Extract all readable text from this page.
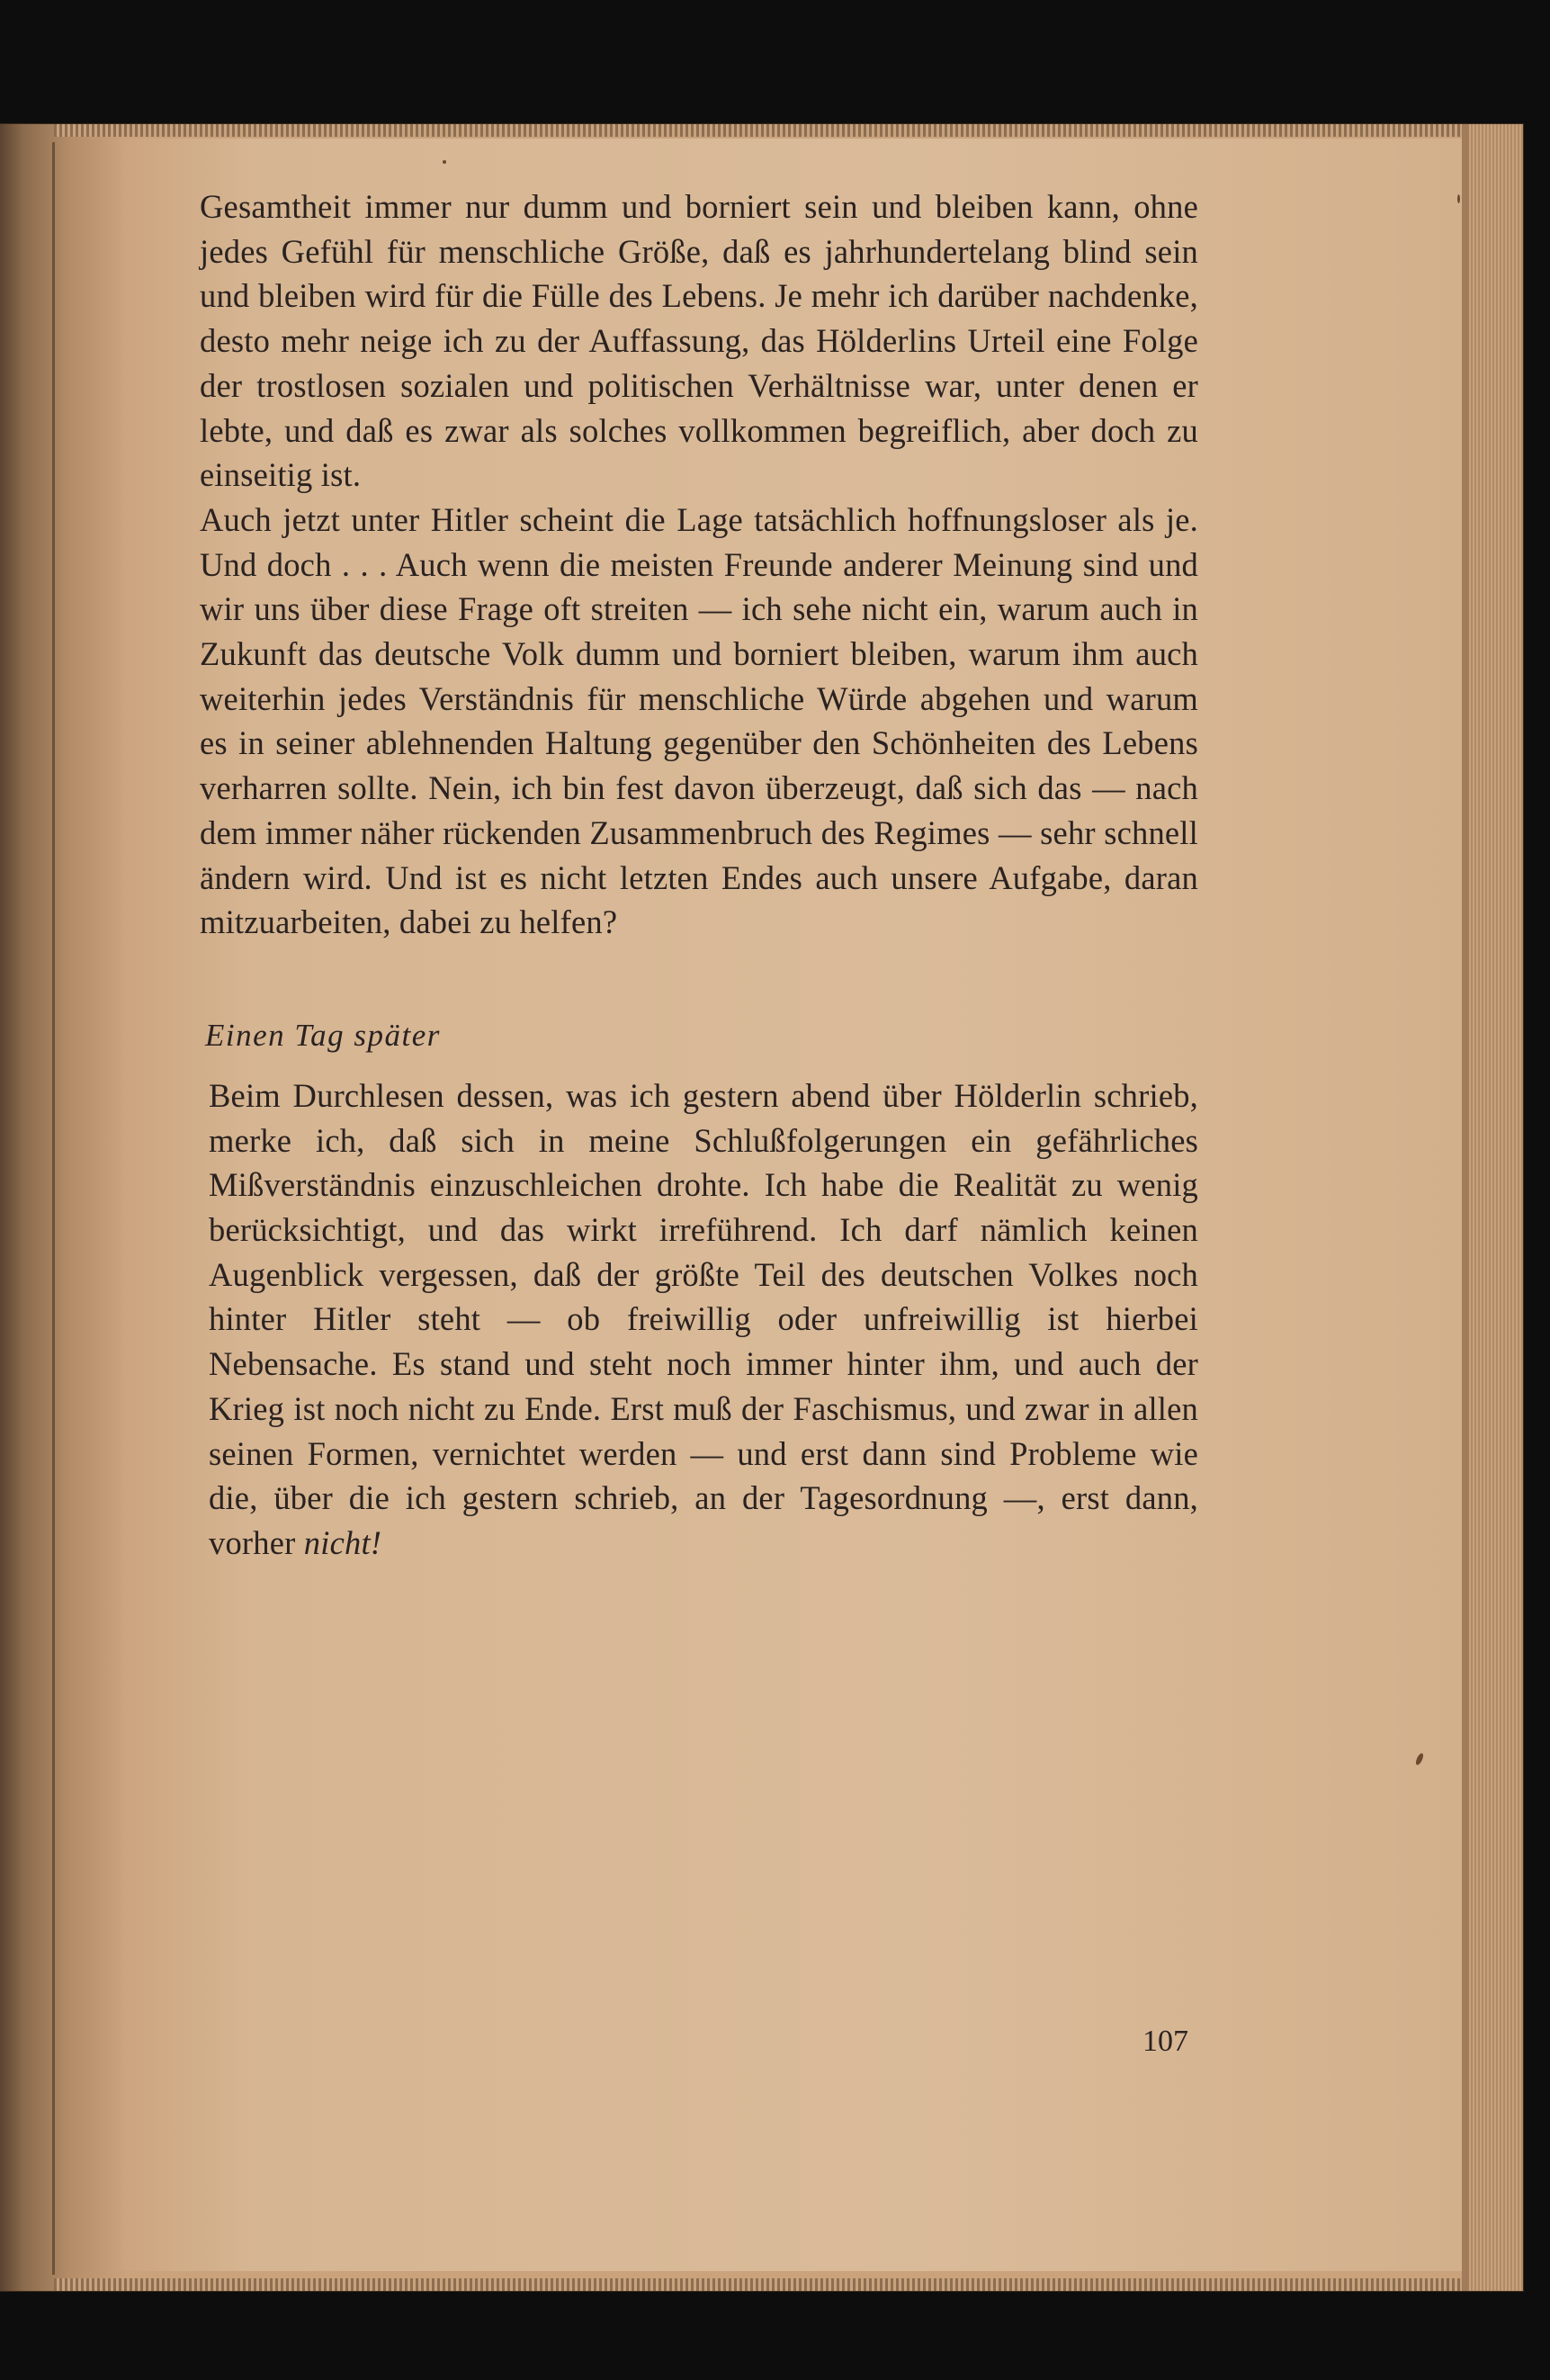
Gesamtheit immer nur dumm und borniert sein und bleiben kann, ohne jedes Gefühl für menschliche Größe, daß es jahrhundertelang blind sein und bleiben wird für die Fülle des Lebens. Je mehr ich darüber nachdenke, desto mehr neige ich zu der Auffassung, das Hölderlins Urteil eine Folge der trostlosen sozialen und politischen Verhältnisse war, unter denen er lebte, und daß es zwar als solches vollkommen begreiflich, aber doch zu einseitig ist.

Auch jetzt unter Hitler scheint die Lage tatsächlich hoffnungsloser als je. Und doch . . . Auch wenn die meisten Freunde anderer Meinung sind und wir uns über diese Frage oft streiten — ich sehe nicht ein, warum auch in Zukunft das deutsche Volk dumm und borniert bleiben, warum ihm auch weiterhin jedes Verständnis für menschliche Würde abgehen und warum es in seiner ablehnenden Haltung gegenüber den Schönheiten des Lebens verharren sollte. Nein, ich bin fest davon überzeugt, daß sich das — nach dem immer näher rückenden Zusammenbruch des Regimes — sehr schnell ändern wird. Und ist es nicht letzten Endes auch unsere Aufgabe, daran mitzuarbeiten, dabei zu helfen?

Einen Tag später

Beim Durchlesen dessen, was ich gestern abend über Hölderlin schrieb, merke ich, daß sich in meine Schlußfolgerungen ein gefährliches Mißverständnis einzuschleichen drohte. Ich habe die Realität zu wenig berücksichtigt, und das wirkt irreführend. Ich darf nämlich keinen Augenblick vergessen, daß der größte Teil des deutschen Volkes noch hinter Hitler steht — ob freiwillig oder unfreiwillig ist hierbei Nebensache. Es stand und steht noch immer hinter ihm, und auch der Krieg ist noch nicht zu Ende. Erst muß der Faschismus, und zwar in allen seinen Formen, vernichtet werden — und erst dann sind Probleme wie die, über die ich gestern schrieb, an der Tagesordnung —, erst dann, vorher nicht!

107
